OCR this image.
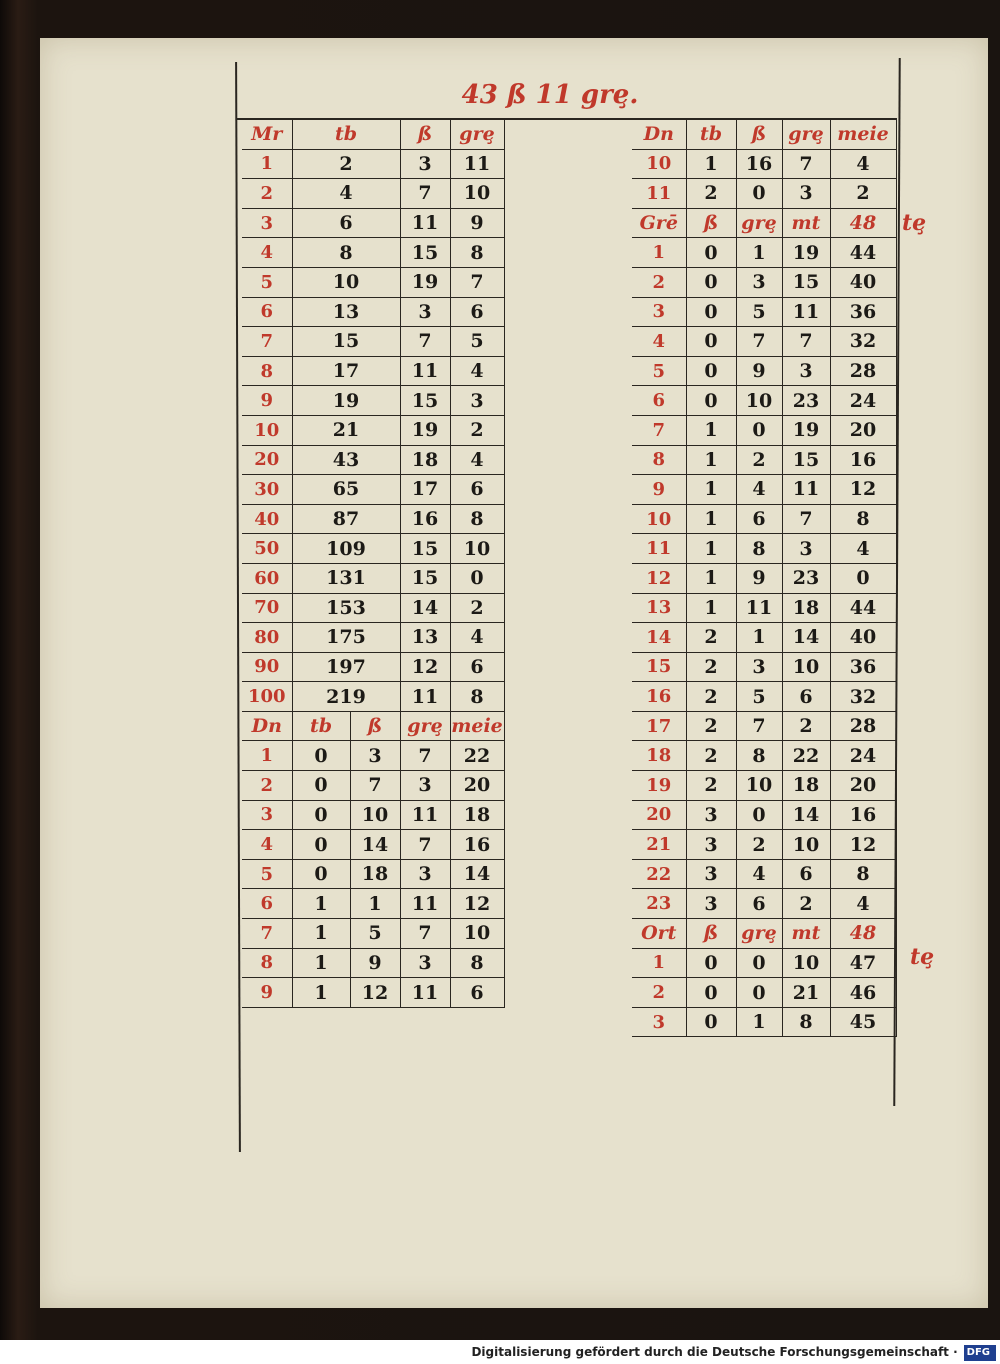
43 ß 11 grȩ.
Mr	tb		ß	grȩ
1	2		3	11
2	4		7	10
3	6		11	9
4	8		15	8
5	10		19	7
6	13		3	6
7	15		7	5
8	17		11	4
9	19		15	3
10	21		19	2
20	43		18	4
30	65		17	6
40	87		16	8
50	109		15	10
60	131		15	0
70	153		14	2
80	175		13	4
90	197		12	6
100	219		11	8
Dn	tb	ß	grȩ	meie
1	0	3	7	22
2	0	7	3	20
3	0	10	11	18
4	0	14	7	16
5	0	18	3	14
6	1	1	11	12
7	1	5	7	10
8	1	9	3	8
9	1	12	11	6
Dn	tb	ß	grȩ	meie
10	1	16	7	4
11	2	0	3	2
Grē	ß	grȩ	mt	48
1	0	1	19	44
2	0	3	15	40
3	0	5	11	36
4	0	7	7	32
5	0	9	3	28
6	0	10	23	24
7	1	0	19	20
8	1	2	15	16
9	1	4	11	12
10	1	6	7	8
11	1	8	3	4
12	1	9	23	0
13	1	11	18	44
14	2	1	14	40
15	2	3	10	36
16	2	5	6	32
17	2	7	2	28
18	2	8	22	24
19	2	10	18	20
20	3	0	14	16
21	3	2	10	12
22	3	4	6	8
23	3	6	2	4
Ort	ß	grȩ	mt	48
1	0	0	10	47
2	0	0	21	46
3	0	1	8	45
tȩ
tȩ
Digitalisierung gefördert durch die Deutsche Forschungsgemeinschaft · DFG
